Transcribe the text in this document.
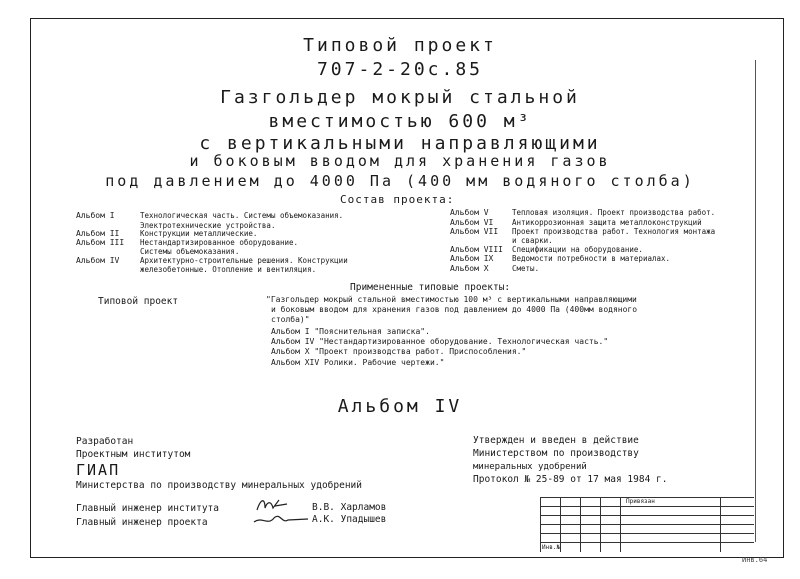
Типовой проект
707-2-20с.85
Газгольдер мокрый стальной
вместимостью 600 м³
с вертикальными направляющими
и боковым вводом для хранения газов
под давлением до 4000 Па (400 мм водяного столба)
Состав проекта:
Альбом I	Технологическая часть. Системы объемоказания.
Электротехнические устройства.
Альбом II	Конструкции металлические.
Альбом III Нестандартизированное оборудование.
Системы объемоказания.
Альбом IV	Архитектурно-строительные решения. Конструкции
железобетонные. Отопление и вентиляция.
Альбом V	Тепловая изоляция. Проект производства работ.
Альбом VI Антикоррозионная защита металлоконструкций
Альбом VII Проект производства работ. Технология монтажа
и сварки.
Альбом VIII Спецификации на оборудование.
Альбом IX Ведомости потребности в материалах.
Альбом X	Сметы.
Примененные типовые проекты:
Типовой проект	"Газгольдер мокрый стальной вместимостью 100 м³ с вертикальными направляющими
и боковым вводом для хранения газов под давлением до 4000 Па (400мм водяного
столба)"
Альбом I "Пояснительная записка".
Альбом IV "Нестандартизированное оборудование. Технологическая часть."
Альбом X "Проект производства работ. Приспособления."
Альбом XIV Ролики. Рабочие чертежи."
Альбом IV
Разработан
Проектным институтом
ГИАП
Министерства по производству минеральных удобрений
Утвержден и введен в действие
Министерством по производству
минеральных удобрений
Протокол № 25-89 от 17 мая 1984 г.
Главный инженер института	В.В. Харламов
Главный инженер проекта	А.К. Упадышев
Привязан
Инв.№
Инв.64
